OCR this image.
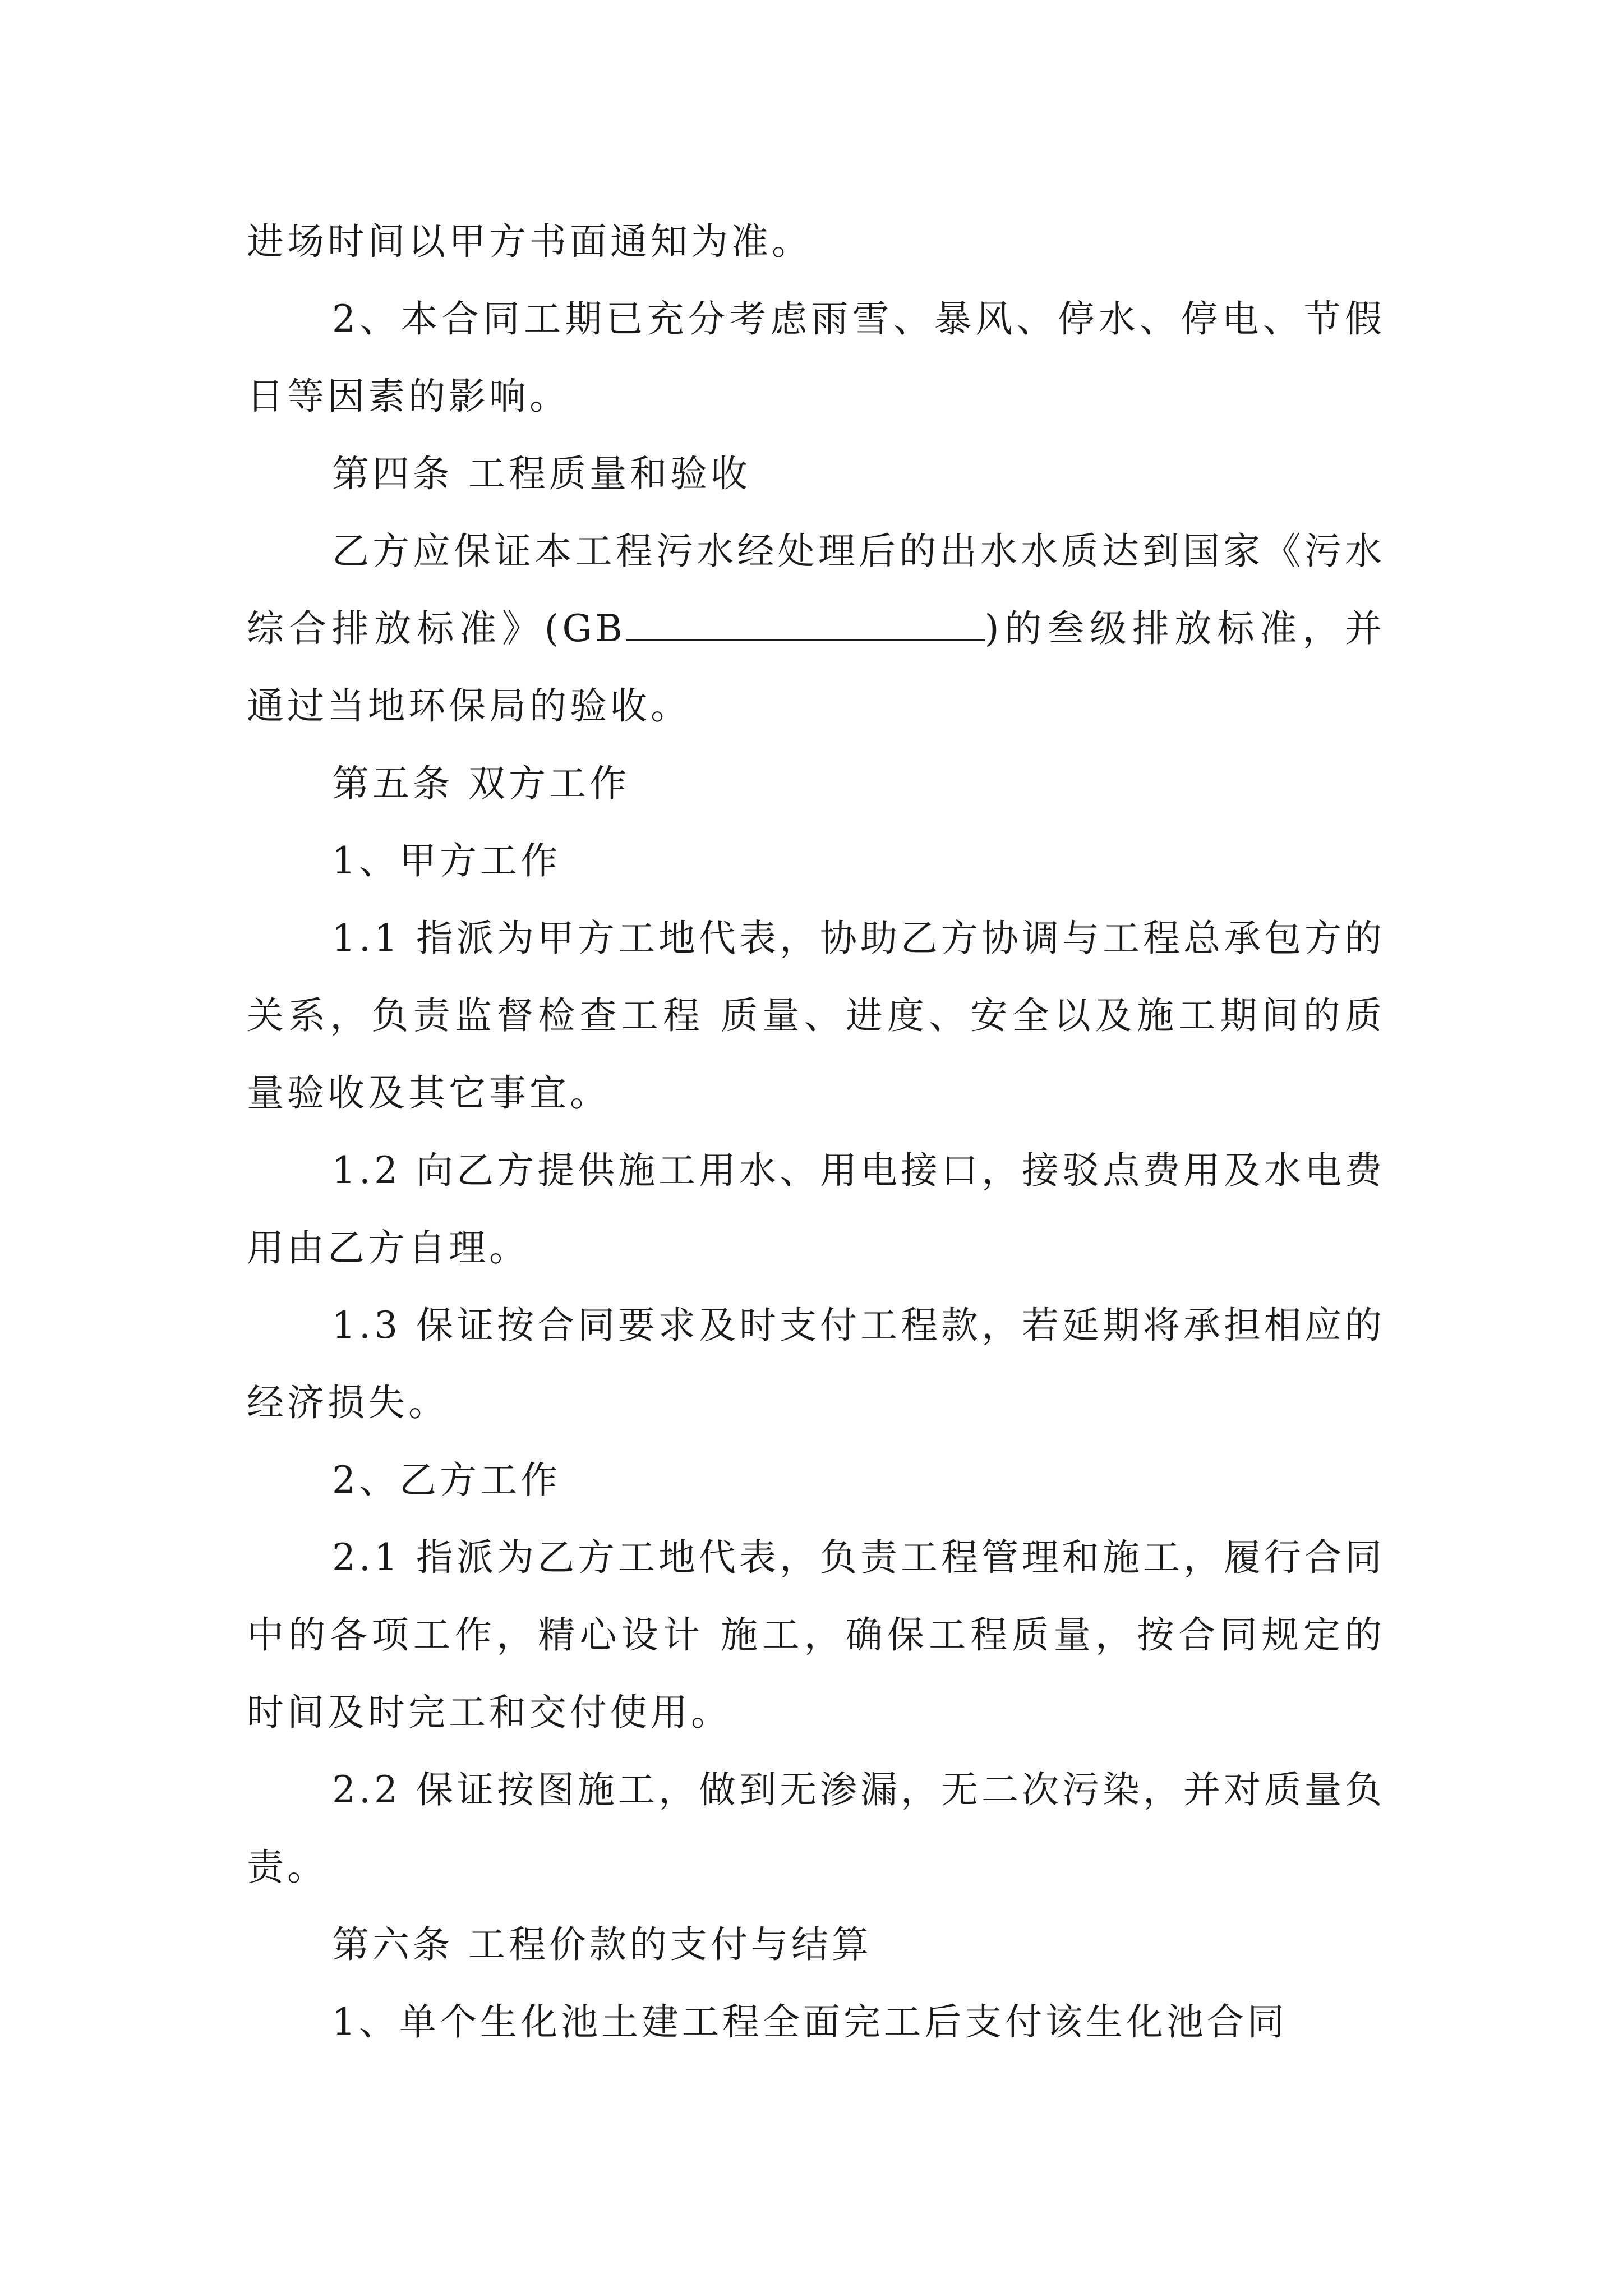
进场时间以甲方书面通知为准。

2、本合同工期已充分考虑雨雪、暴风、停水、停电、节假日等因素的影响。

第四条 工程质量和验收

乙方应保证本工程污水经处理后的出水水质达到国家《污水综合排放标准》(GB	)的叁级排放标准，并通过当地环保局的验收。

第五条 双方工作

1、甲方工作

1.1 指派为甲方工地代表，协助乙方协调与工程总承包方的关系，负责监督检查工程 质量、进度、安全以及施工期间的质量验收及其它事宜。

1.2 向乙方提供施工用水、用电接口，接驳点费用及水电费用由乙方自理。

1.3 保证按合同要求及时支付工程款，若延期将承担相应的经济损失。

2、乙方工作

2.1 指派为乙方工地代表，负责工程管理和施工，履行合同中的各项工作，精心设计 施工，确保工程质量，按合同规定的时间及时完工和交付使用。

2.2 保证按图施工，做到无渗漏，无二次污染，并对质量负责。

第六条 工程价款的支付与结算

1、单个生化池土建工程全面完工后支付该生化池合同
